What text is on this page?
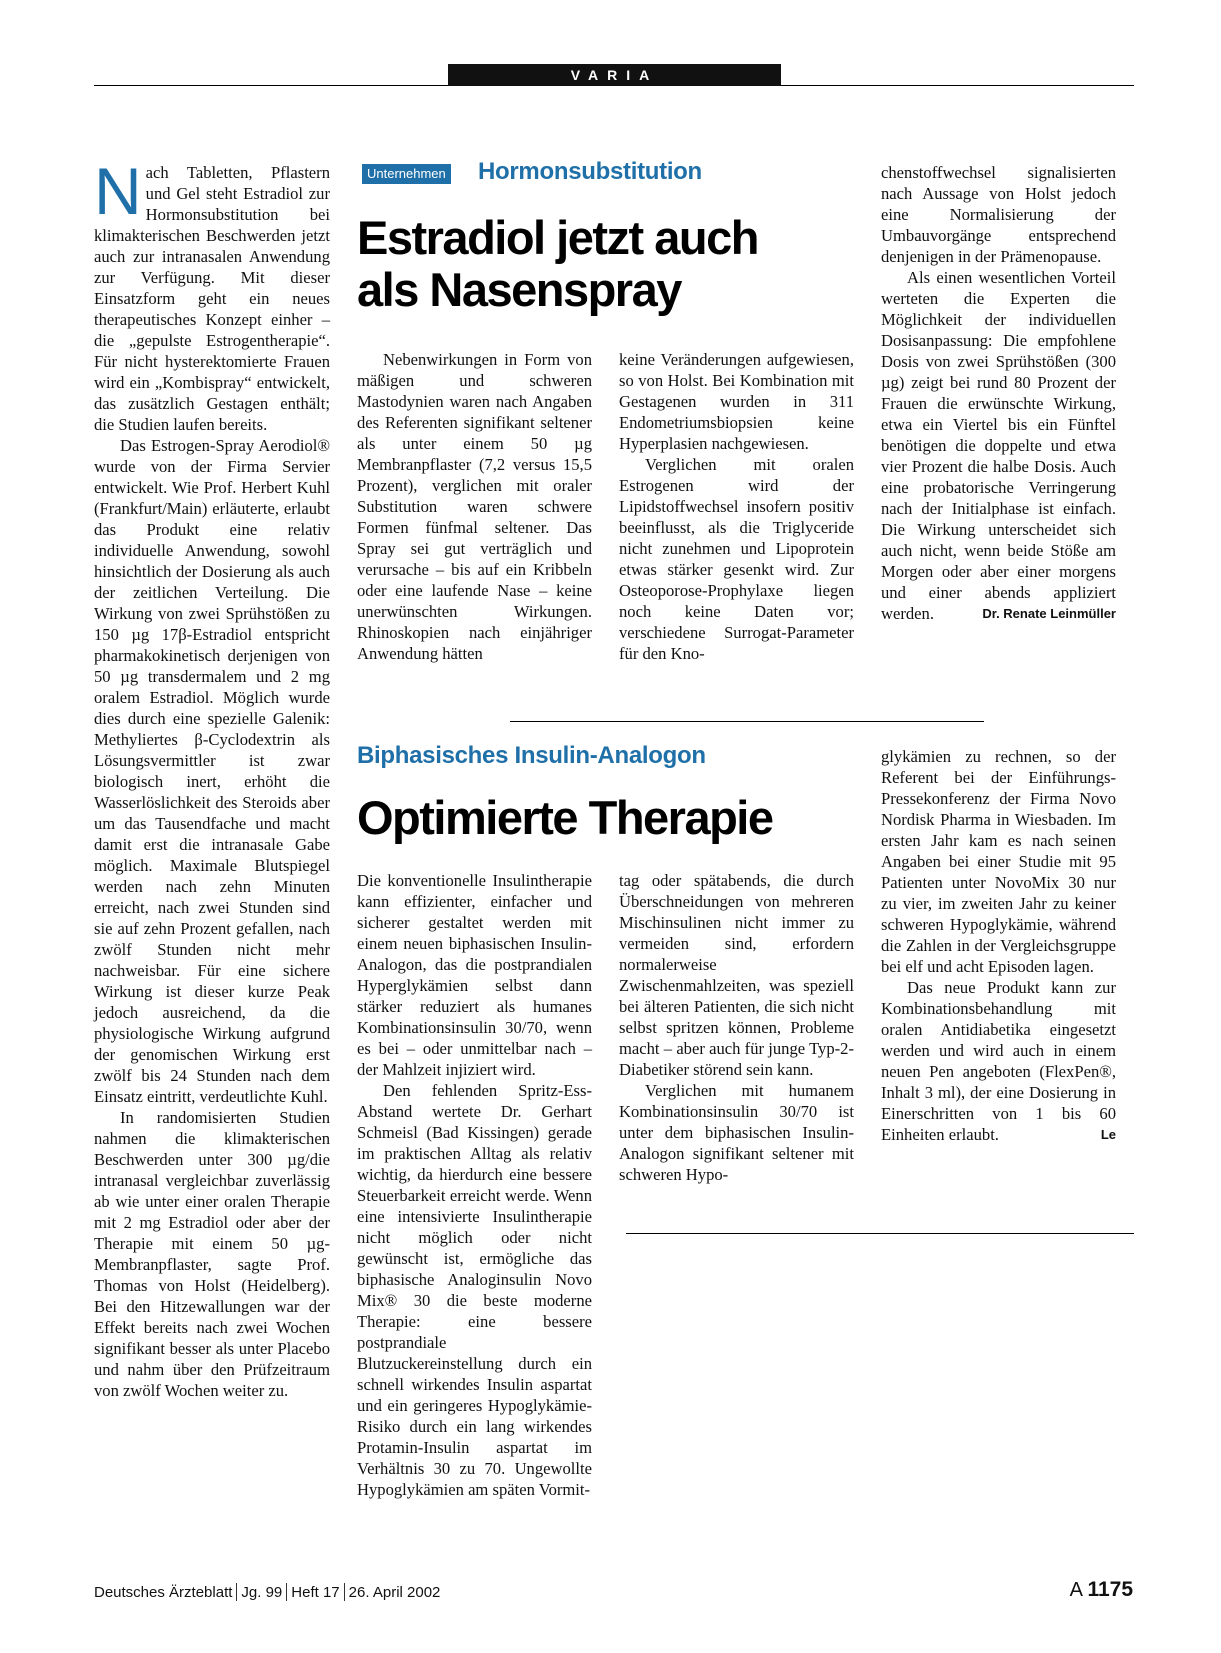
VARIA

Nach Tabletten, Pflastern und Gel steht Estradiol zur Hormonsubstitution bei klimakterischen Beschwerden jetzt auch zur intranasalen Anwendung zur Verfügung. Mit dieser Einsatzform geht ein neues therapeutisches Konzept einher – die „gepulste Estrogentherapie“. Für nicht hysterektomierte Frauen wird ein „Kombispray“ entwickelt, das zusätzlich Gestagen enthält; die Studien laufen bereits.

Das Estrogen-Spray Aerodiol® wurde von der Firma Servier entwickelt. Wie Prof. Herbert Kuhl (Frankfurt/Main) erläuterte, erlaubt das Produkt eine relativ individuelle Anwendung, sowohl hinsichtlich der Dosierung als auch der zeitlichen Verteilung. Die Wirkung von zwei Sprühstößen zu 150 µg 17β-Estradiol entspricht pharmakokinetisch derjenigen von 50 µg transdermalem und 2 mg oralem Estradiol. Möglich wurde dies durch eine spezielle Galenik: Methyliertes β-Cyclodextrin als Lösungsvermittler ist zwar biologisch inert, erhöht die Wasserlöslichkeit des Steroids aber um das Tausendfache und macht damit erst die intranasale Gabe möglich. Maximale Blutspiegel werden nach zehn Minuten erreicht, nach zwei Stunden sind sie auf zehn Prozent gefallen, nach zwölf Stunden nicht mehr nachweisbar. Für eine sichere Wirkung ist dieser kurze Peak jedoch ausreichend, da die physiologische Wirkung aufgrund der genomischen Wirkung erst zwölf bis 24 Stunden nach dem Einsatz eintritt, verdeutlichte Kuhl.

In randomisierten Studien nahmen die klimakterischen Beschwerden unter 300 µg/die intranasal vergleichbar zuverlässig ab wie unter einer oralen Therapie mit 2 mg Estradiol oder aber der Therapie mit einem 50 µg-Membranpflaster, sagte Prof. Thomas von Holst (Heidelberg). Bei den Hitzewallungen war der Effekt bereits nach zwei Wochen signifikant besser als unter Placebo und nahm über den Prüfzeitraum von zwölf Wochen weiter zu.

Unternehmen Hormonsubstitution
Estradiol jetzt auch
als Nasenspray

Nebenwirkungen in Form von mäßigen und schweren Mastodynien waren nach Angaben des Referenten signifikant seltener als unter einem 50 µg Membranpflaster (7,2 versus 15,5 Prozent), verglichen mit oraler Substitution waren schwere Formen fünfmal seltener. Das Spray sei gut verträglich und verursache – bis auf ein Kribbeln oder eine laufende Nase – keine unerwünschten Wirkungen. Rhinoskopien nach einjähriger Anwendung hätten

keine Veränderungen aufgewiesen, so von Holst. Bei Kombination mit Gestagenen wurden in 311 Endometriumsbiopsien keine Hyperplasien nachgewiesen.

Verglichen mit oralen Estrogenen wird der Lipidstoffwechsel insofern positiv beeinflusst, als die Triglyceride nicht zunehmen und Lipoprotein etwas stärker gesenkt wird. Zur Osteoporose-Prophylaxe liegen noch keine Daten vor; verschiedene Surrogat-Parameter für den Kno-

chenstoffwechsel signalisierten nach Aussage von Holst jedoch eine Normalisierung der Umbauvorgänge entsprechend denjenigen in der Prämenopause.

Als einen wesentlichen Vorteil werteten die Experten die Möglichkeit der individuellen Dosisanpassung: Die empfohlene Dosis von zwei Sprühstößen (300 µg) zeigt bei rund 80 Prozent der Frauen die erwünschte Wirkung, etwa ein Viertel bis ein Fünftel benötigen die doppelte und etwa vier Prozent die halbe Dosis. Auch eine probatorische Verringerung nach der Initialphase ist einfach. Die Wirkung unterscheidet sich auch nicht, wenn beide Stöße am Morgen oder aber einer morgens und einer abends appliziert werden.	Dr. Renate Leinmüller

Biphasisches Insulin-Analogon
Optimierte Therapie

Die konventionelle Insulintherapie kann effizienter, einfacher und sicherer gestaltet werden mit einem neuen biphasischen Insulin-Analogon, das die postprandialen Hyperglykämien selbst dann stärker reduziert als humanes Kombinationsinsulin 30/70, wenn es bei – oder unmittelbar nach – der Mahlzeit injiziert wird.

Den fehlenden Spritz-Ess-Abstand wertete Dr. Gerhart Schmeisl (Bad Kissingen) gerade im praktischen Alltag als relativ wichtig, da hierdurch eine bessere Steuerbarkeit erreicht werde. Wenn eine intensivierte Insulintherapie nicht möglich oder nicht gewünscht ist, ermögliche das biphasische Analoginsulin Novo Mix® 30 die beste moderne Therapie: eine bessere postprandiale Blutzuckereinstellung durch ein schnell wirkendes Insulin aspartat und ein geringeres Hypoglykämie-Risiko durch ein lang wirkendes Protamin-Insulin aspartat im Verhältnis 30 zu 70. Ungewollte Hypoglykämien am späten Vormit-

tag oder spätabends, die durch Überschneidungen von mehreren Mischinsulinen nicht immer zu vermeiden sind, erfordern normalerweise Zwischenmahlzeiten, was speziell bei älteren Patienten, die sich nicht selbst spritzen können, Probleme macht – aber auch für junge Typ-2-Diabetiker störend sein kann.

Verglichen mit humanem Kombinationsinsulin 30/70 ist unter dem biphasischen Insulin-Analogon signifikant seltener mit schweren Hypo-

glykämien zu rechnen, so der Referent bei der Einführungs-Pressekonferenz der Firma Novo Nordisk Pharma in Wiesbaden. Im ersten Jahr kam es nach seinen Angaben bei einer Studie mit 95 Patienten unter NovoMix 30 nur zu vier, im zweiten Jahr zu keiner schweren Hypoglykämie, während die Zahlen in der Vergleichsgruppe bei elf und acht Episoden lagen.

Das neue Produkt kann zur Kombinationsbehandlung mit oralen Antidiabetika eingesetzt werden und wird auch in einem neuen Pen angeboten (FlexPen®, Inhalt 3 ml), der eine Dosierung in Einerschritten von 1 bis 60 Einheiten erlaubt.	Le

Deutsches Ärzteblatt Jg. 99 Heft 17 26. April 2002	A 1175
